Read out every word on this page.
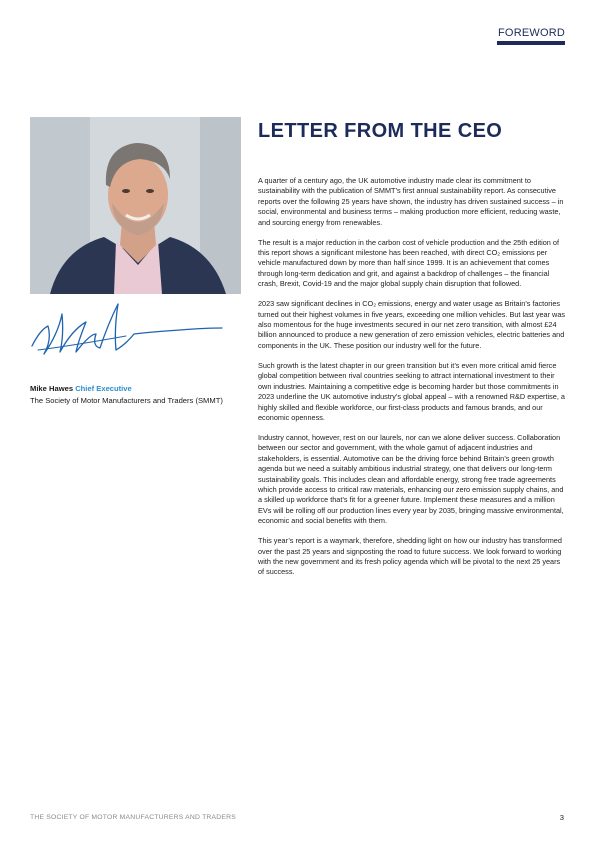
FOREWORD
Mike Hawes Chief Executive
The Society of Motor Manufacturers and Traders (SMMT)
LETTER FROM THE CEO

A quarter of a century ago, the UK automotive industry made clear its commitment to sustainability with the publication of SMMT’s first annual sustainability report. As consecutive reports over the following 25 years have shown, the industry has driven sustained success – in social, environmental and business terms – making production more efficient, reducing waste, and sourcing energy from renewables.

The result is a major reduction in the carbon cost of vehicle production and the 25th edition of this report shows a significant milestone has been reached, with direct CO₂ emissions per vehicle manufactured down by more than half since 1999. It is an achievement that comes through long-term dedication and grit, and against a backdrop of challenges – the financial crash, Brexit, Covid-19 and the major global supply chain disruption that followed.

2023 saw significant declines in CO₂ emissions, energy and water usage as Britain’s factories turned out their highest volumes in five years, exceeding one million vehicles. But last year was also momentous for the huge investments secured in our net zero transition, with almost £24 billion announced to produce a new generation of zero emission vehicles, electric batteries and components in the UK. These position our industry well for the future.

Such growth is the latest chapter in our green transition but it’s even more critical amid fierce global competition between rival countries seeking to attract international investment to their own industries. Maintaining a competitive edge is becoming harder but those commitments in 2023 underline the UK automotive industry’s global appeal – with a renowned R&D expertise, a highly skilled and flexible workforce, our first-class products and famous brands, and our economic openness.

Industry cannot, however, rest on our laurels, nor can we alone deliver success. Collaboration between our sector and government, with the whole gamut of adjacent industries and stakeholders, is essential. Automotive can be the driving force behind Britain’s green growth agenda but we need a suitably ambitious industrial strategy, one that delivers our long-term sustainability goals. This includes clean and affordable energy, strong free trade agreements which provide access to critical raw materials, enhancing our zero emission supply chains, and a skilled up workforce that’s fit for a greener future. Implement these measures and a million EVs will be rolling off our production lines every year by 2035, bringing massive environmental, economic and social benefits with them.

This year’s report is a waymark, therefore, shedding light on how our industry has transformed over the past 25 years and signposting the road to future success. We look forward to working with the new government and its fresh policy agenda which will be pivotal to the next 25 years of success.

THE SOCIETY OF MOTOR MANUFACTURERS AND TRADERS	3
